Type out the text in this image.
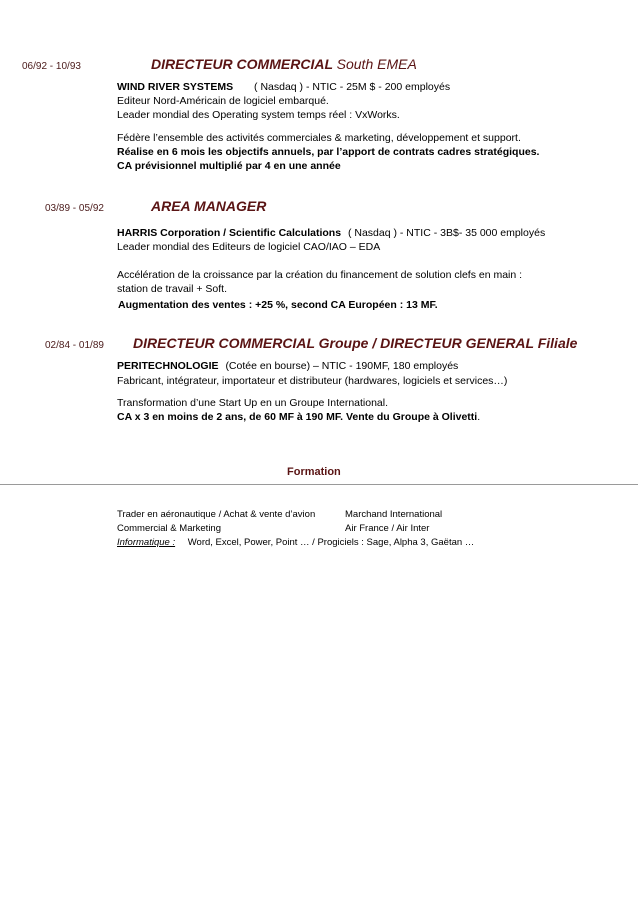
06/92 - 10/93	DIRECTEUR COMMERCIAL South EMEA
WIND RIVER SYSTEMS ( Nasdaq ) - NTIC - 25M $ - 200 employés
Editeur Nord-Américain de logiciel embarqué.
Leader mondial des Operating system temps réel : VxWorks.
Fédère l’ensemble des activités commerciales & marketing, développement et support.
Réalise en 6 mois les objectifs annuels, par l’apport de contrats cadres stratégiques.
CA prévisionnel multiplié par 4 en une année
03/89 - 05/92	AREA MANAGER
HARRIS Corporation / Scientific Calculations ( Nasdaq ) - NTIC - 3B$- 35 000 employés
Leader mondial des Editeurs de logiciel CAO/IAO – EDA
Accélération de la croissance par la création du financement de solution clefs en main :
station de travail + Soft.
Augmentation des ventes : +25 %, second CA Européen : 13 MF.
02/84 - 01/89 DIRECTEUR COMMERCIAL Groupe / DIRECTEUR GENERAL Filiale
PERITECHNOLOGIE (Cotée en bourse) – NTIC - 190MF, 180 employés
Fabricant, intégrateur, importateur et distributeur (hardwares, logiciels et services…)
Transformation d’une Start Up en un Groupe International.
CA x 3 en moins de 2 ans, de 60 MF à 190 MF. Vente du Groupe à Olivetti.
Formation
Trader en aéronautique / Achat & vente d’avion	Marchand International
Commercial & Marketing	Air France / Air Inter
Informatique : Word, Excel, Power, Point … / Progiciels : Sage, Alpha 3, Gaëtan …
